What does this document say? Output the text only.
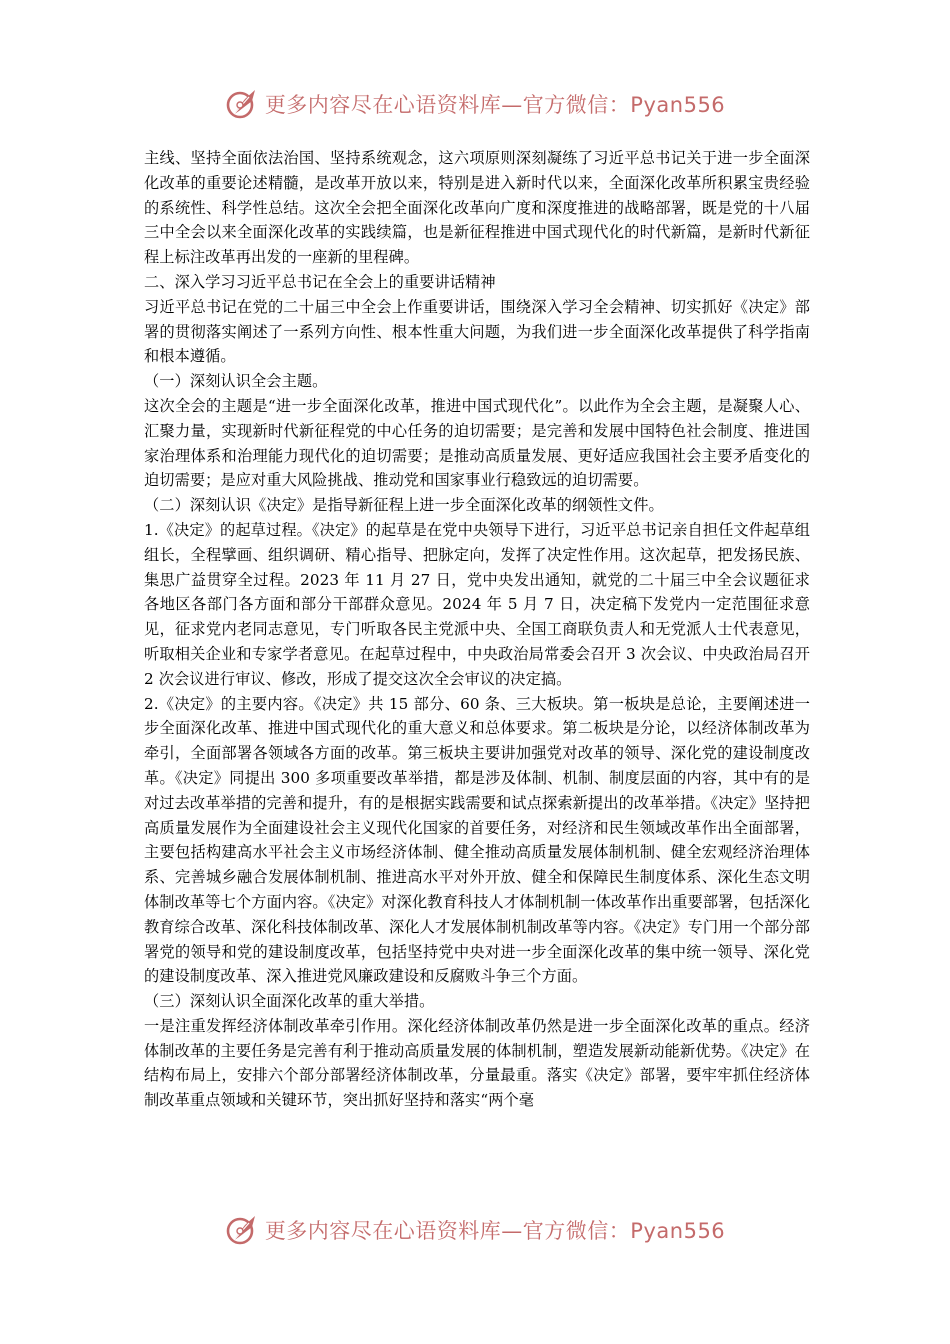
更多内容尽在心语资料库—官方微信：Pyan556

主线、坚持全面依法治国、坚持系统观念，这六项原则深刻凝练了习近平总书记关于进一步全面深化改革的重要论述精髓，是改革开放以来，特别是进入新时代以来，全面深化改革所积累宝贵经验的系统性、科学性总结。这次全会把全面深化改革向广度和深度推进的战略部署，既是党的十八届三中全会以来全面深化改革的实践续篇，也是新征程推进中国式现代化的时代新篇，是新时代新征程上标注改革再出发的一座新的里程碑。

二、深入学习习近平总书记在全会上的重要讲话精神

习近平总书记在党的二十届三中全会上作重要讲话，围绕深入学习全会精神、切实抓好《决定》部署的贯彻落实阐述了一系列方向性、根本性重大问题，为我们进一步全面深化改革提供了科学指南和根本遵循。

（一）深刻认识全会主题。

这次全会的主题是“进一步全面深化改革，推进中国式现代化”。以此作为全会主题，是凝聚人心、汇聚力量，实现新时代新征程党的中心任务的迫切需要；是完善和发展中国特色社会制度、推进国家治理体系和治理能力现代化的迫切需要；是推动高质量发展、更好适应我国社会主要矛盾变化的迫切需要；是应对重大风险挑战、推动党和国家事业行稳致远的迫切需要。

（二）深刻认识《决定》是指导新征程上进一步全面深化改革的纲领性文件。

1.《决定》的起草过程。《决定》的起草是在党中央领导下进行，习近平总书记亲自担任文件起草组组长，全程擘画、组织调研、精心指导、把脉定向，发挥了决定性作用。这次起草，把发扬民族、集思广益贯穿全过程。2023 年 11 月 27 日，党中央发出通知，就党的二十届三中全会议题征求各地区各部门各方面和部分干部群众意见。2024 年 5 月 7 日，决定稿下发党内一定范围征求意见，征求党内老同志意见，专门听取各民主党派中央、全国工商联负责人和无党派人士代表意见，听取相关企业和专家学者意见。在起草过程中，中央政治局常委会召开 3 次会议、中央政治局召开 2 次会议进行审议、修改，形成了提交这次全会审议的决定搞。

2.《决定》的主要内容。《决定》共 15 部分、60 条、三大板块。第一板块是总论，主要阐述进一步全面深化改革、推进中国式现代化的重大意义和总体要求。第二板块是分论，以经济体制改革为牵引，全面部署各领域各方面的改革。第三板块主要讲加强党对改革的领导、深化党的建设制度改革。《决定》同提出 300 多项重要改革举措，都是涉及体制、机制、制度层面的内容，其中有的是对过去改革举措的完善和提升，有的是根据实践需要和试点探索新提出的改革举措。《决定》坚持把高质量发展作为全面建设社会主义现代化国家的首要任务，对经济和民生领域改革作出全面部署，主要包括构建高水平社会主义市场经济体制、健全推动高质量发展体制机制、健全宏观经济治理体系、完善城乡融合发展体制机制、推进高水平对外开放、健全和保障民生制度体系、深化生态文明体制改革等七个方面内容。《决定》对深化教育科技人才体制机制一体改革作出重要部署，包括深化教育综合改革、深化科技体制改革、深化人才发展体制机制改革等内容。《决定》专门用一个部分部署党的领导和党的建设制度改革，包括坚持党中央对进一步全面深化改革的集中统一领导、深化党的建设制度改革、深入推进党风廉政建设和反腐败斗争三个方面。

（三）深刻认识全面深化改革的重大举措。

一是注重发挥经济体制改革牵引作用。深化经济体制改革仍然是进一步全面深化改革的重点。经济体制改革的主要任务是完善有利于推动高质量发展的体制机制，塑造发展新动能新优势。《决定》在结构布局上，安排六个部分部署经济体制改革，分量最重。落实《决定》部署，要牢牢抓住经济体制改革重点领域和关键环节，突出抓好坚持和落实“两个毫

更多内容尽在心语资料库—官方微信：Pyan556
